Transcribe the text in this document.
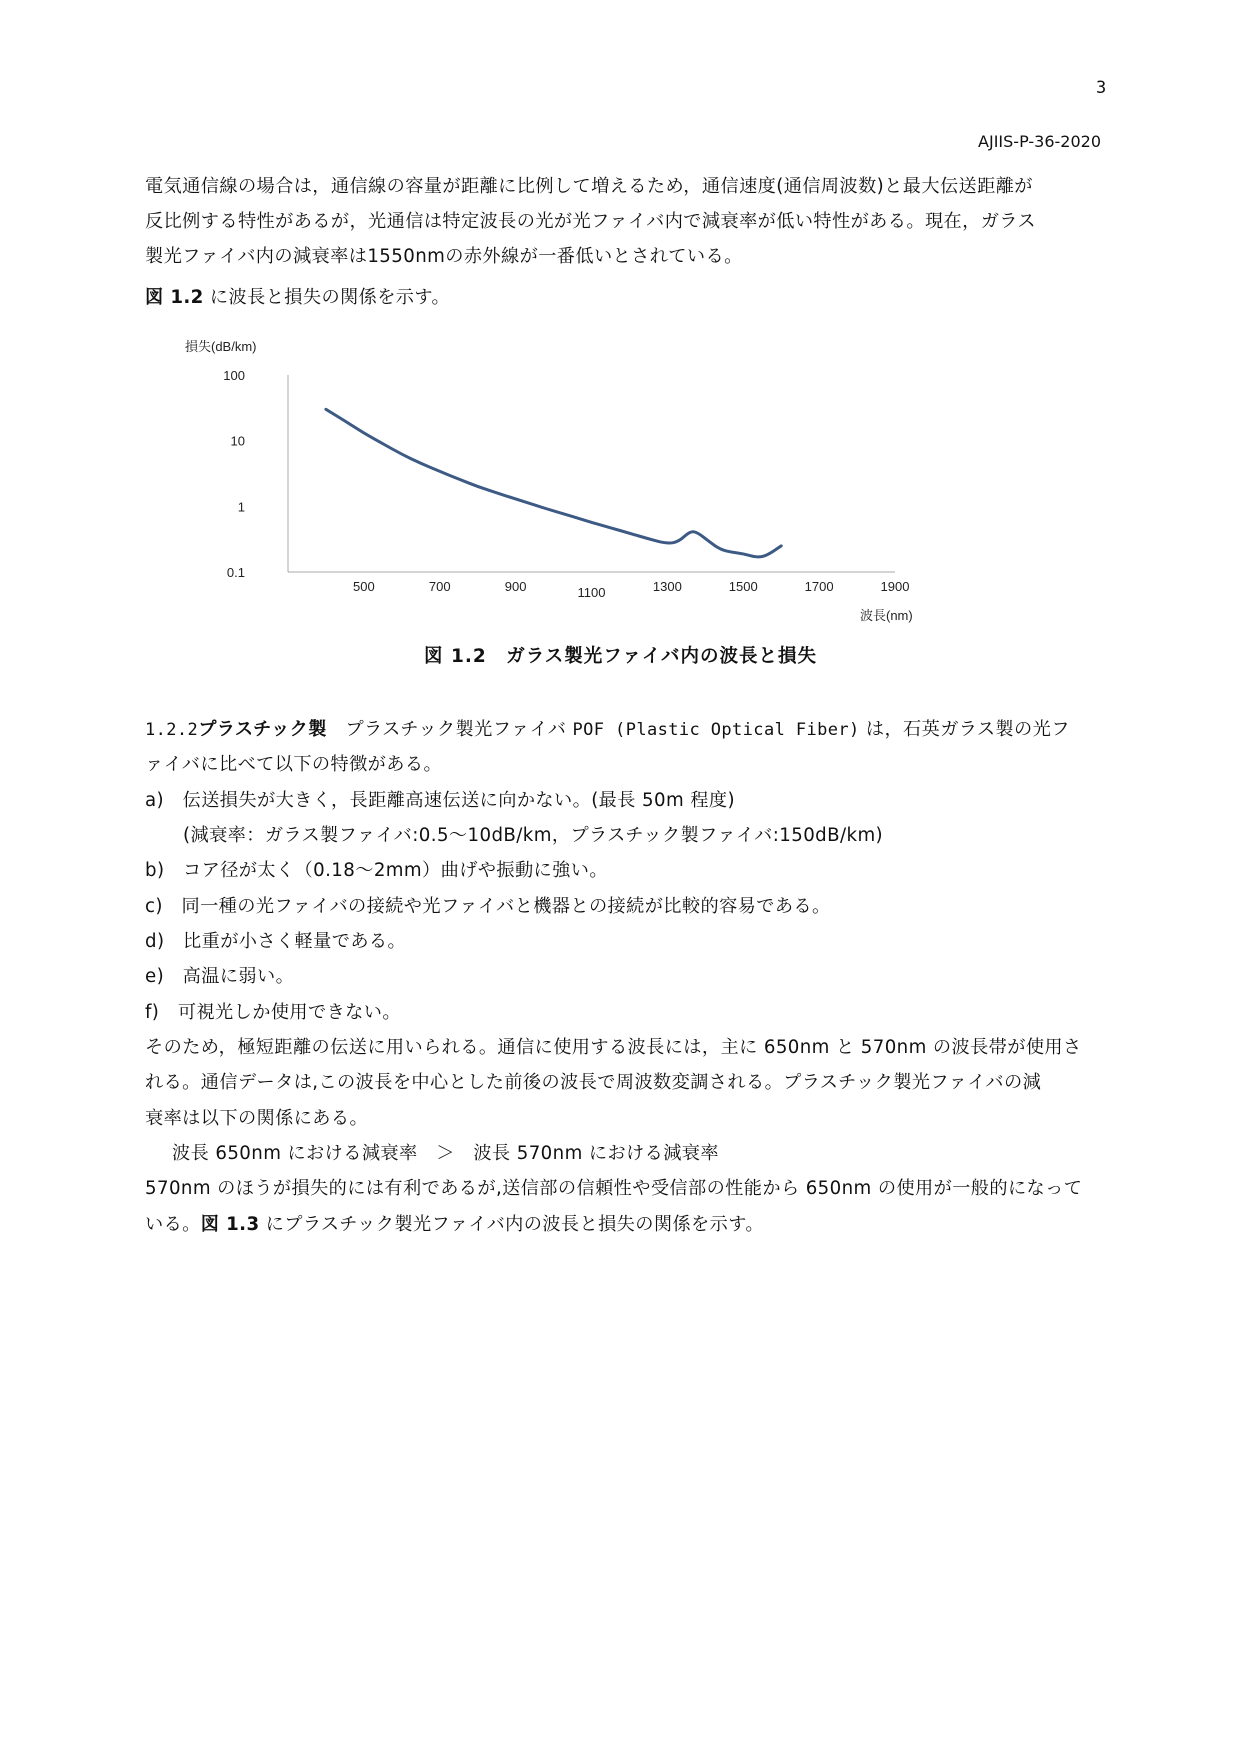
3
AJIIS-P-36-2020
電気通信線の場合は，通信線の容量が距離に比例して増えるため，通信速度(通信周波数)と最大伝送距離が
反比例する特性があるが，光通信は特定波長の光が光ファイバ内で減衰率が低い特性がある。現在，ガラス
製光ファイバ内の減衰率は1550nmの赤外線が一番低いとされている。
図 1.2 に波長と損失の関係を示す。
損失(dB/km)
波長(nm)
100
10
1
0.1
500	700	900	1100	1300	1500	1700	1900
図 1.2　ガラス製光ファイバ内の波長と損失
1.2.2プラスチック製　プラスチック製光ファイバ POF (Plastic Optical Fiber) は，石英ガラス製の光フ
ァイバに比べて以下の特徴がある。
a)　伝送損失が大きく，長距離高速伝送に向かない。(最長 50m 程度)
(減衰率：ガラス製ファイバ:0.5～10dB/km，プラスチック製ファイバ:150dB/km)
b)　コア径が太く（0.18～2mm）曲げや振動に強い。
c)　同一種の光ファイバの接続や光ファイバと機器との接続が比較的容易である。
d)　比重が小さく軽量である。
e)　高温に弱い。
f)　可視光しか使用できない。
そのため，極短距離の伝送に用いられる。通信に使用する波長には，主に 650nm と 570nm の波長帯が使用さ
れる。通信データは,この波長を中心とした前後の波長で周波数変調される。プラスチック製光ファイバの減
衰率は以下の関係にある。
波長 650nm における減衰率　＞　波長 570nm における減衰率
570nm のほうが損失的には有利であるが,送信部の信頼性や受信部の性能から 650nm の使用が一般的になって
いる。図 1.3 にプラスチック製光ファイバ内の波長と損失の関係を示す。
